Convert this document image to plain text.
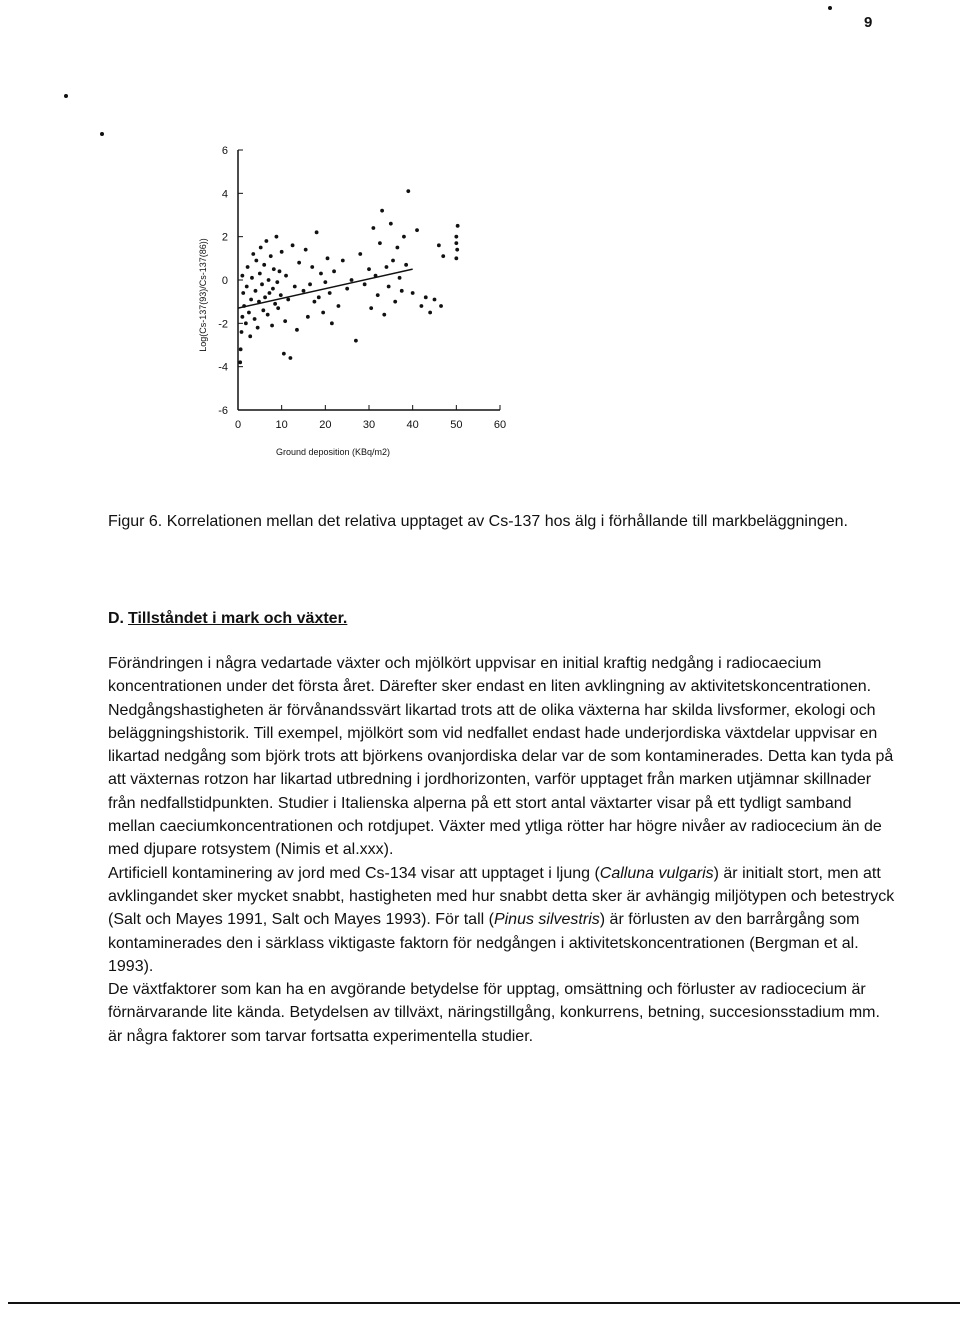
9
0	10	20	30	40	50	60
6
4
2
0
-2
-4
-6
Ground deposition (KBq/m2)
Log(Cs-137(93)/Cs-137(86))
Figur 6. Korrelationen mellan det relativa upptaget av Cs-137 hos älg i förhållande till markbeläggningen.
D. Tillståndet i mark och växter.

Förändringen i några vedartade växter och mjölkört uppvisar en initial kraftig nedgång i radiocaecium koncentrationen under det första året. Därefter sker endast en liten avklingning av aktivitetskoncentrationen. Nedgångshastigheten är förvånandssvärt likartad trots att de olika växterna har skilda livsformer, ekologi och beläggningshistorik. Till exempel, mjölkört som vid nedfallet endast hade underjordiska växtdelar uppvisar en likartad nedgång som björk trots att björkens ovanjordiska delar var de som kontaminerades. Detta kan tyda på att växternas rotzon har likartad utbredning i jordhorizonten, varför upptaget från marken utjämnar skillnader från nedfallstidpunkten. Studier i Italienska alperna på ett stort antal växtarter visar på ett tydligt samband mellan caeciumkoncentrationen och rotdjupet. Växter med ytliga rötter har högre nivåer av radiocecium än de med djupare rotsystem (Nimis et al.xxx).

Artificiell kontaminering av jord med Cs-134 visar att upptaget i ljung (Calluna vulgaris) är initialt stort, men att avklingandet sker mycket snabbt, hastigheten med hur snabbt detta sker är avhängig miljötypen och betestryck (Salt och Mayes 1991, Salt och Mayes 1993). För tall (Pinus silvestris) är förlusten av den barrårgång som kontaminerades den i särklass viktigaste faktorn för nedgången i aktivitetskoncentrationen (Bergman et al. 1993).

De växtfaktorer som kan ha en avgörande betydelse för upptag, omsättning och förluster av radiocecium är förnärvarande lite kända. Betydelsen av tillväxt, näringstillgång, konkurrens, betning, succesionsstadium mm. är några faktorer som tarvar fortsatta experimentella studier.
